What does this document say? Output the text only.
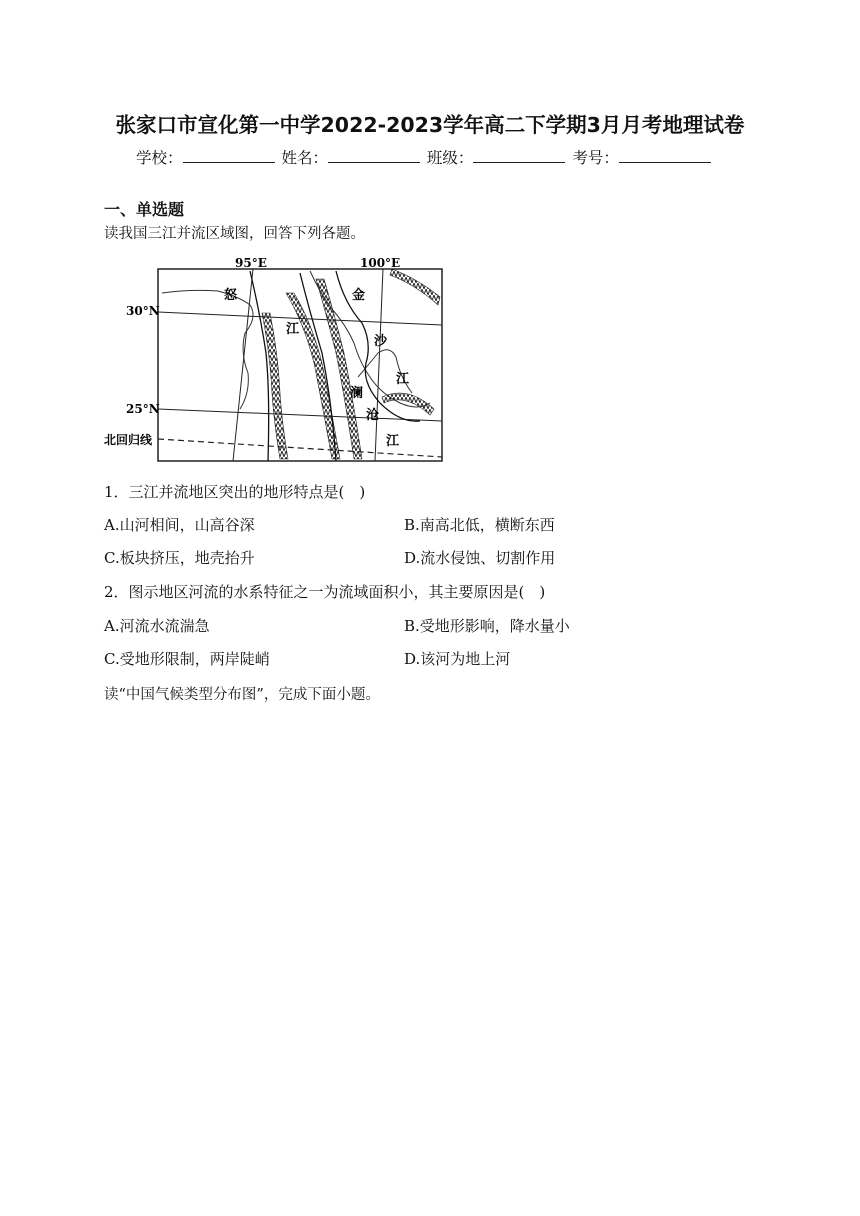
张家口市宣化第一中学2022-2023学年高二下学期3月月考地理试卷
学校：	姓名：	班级：	考号：
一、单选题
读我国三江并流区域图，回答下列各题。
95°E	100°E
30°N
25°N
北回归线
怒
江
金
沙
江
澜
沧
江
1．三江并流地区突出的地形特点是(　)
A.山河相间，山高谷深	B.南高北低，横断东西
C.板块挤压，地壳抬升	D.流水侵蚀、切割作用
2．图示地区河流的水系特征之一为流域面积小，其主要原因是(　)
A.河流水流湍急	B.受地形影响，降水量小
C.受地形限制，两岸陡峭	D.该河为地上河
读“中国气候类型分布图”，完成下面小题。
